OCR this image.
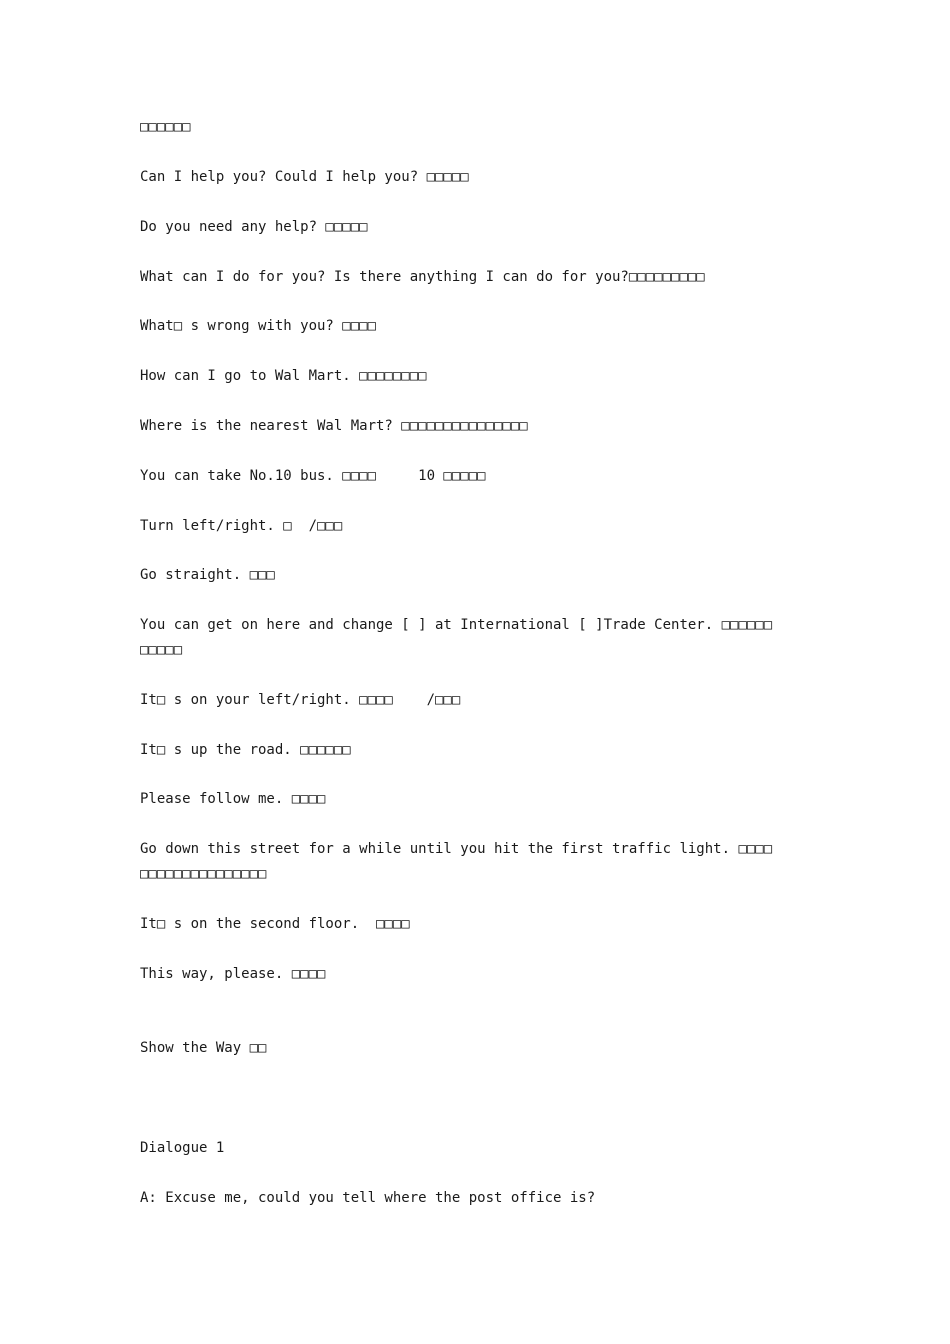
□□□□□□

Can I help you? Could I help you? □□□□□

Do you need any help? □□□□□

What can I do for you? Is there anything I can do for you?□□□□□□□□□

What□ s wrong with you? □□□□

How can I go to Wal Mart. □□□□□□□□

Where is the nearest Wal Mart? □□□□□□□□□□□□□□□

You can take No.10 bus. □□□□     10 □□□□□

Turn left/right. □  /□□□

Go straight. □□□

You can get on here and change [ ] at International [ ]Trade Center. □□□□□□□□□□□

It□ s on your left/right. □□□□    /□□□

It□ s up the road. □□□□□□

Please follow me. □□□□

Go down this street for a while until you hit the first traffic light. □□□□□□□□□□□□□□□□□□□

It□ s on the second floor.  □□□□

This way, please. □□□□

Show the Way □□

Dialogue 1

A: Excuse me, could you tell where the post office is?
